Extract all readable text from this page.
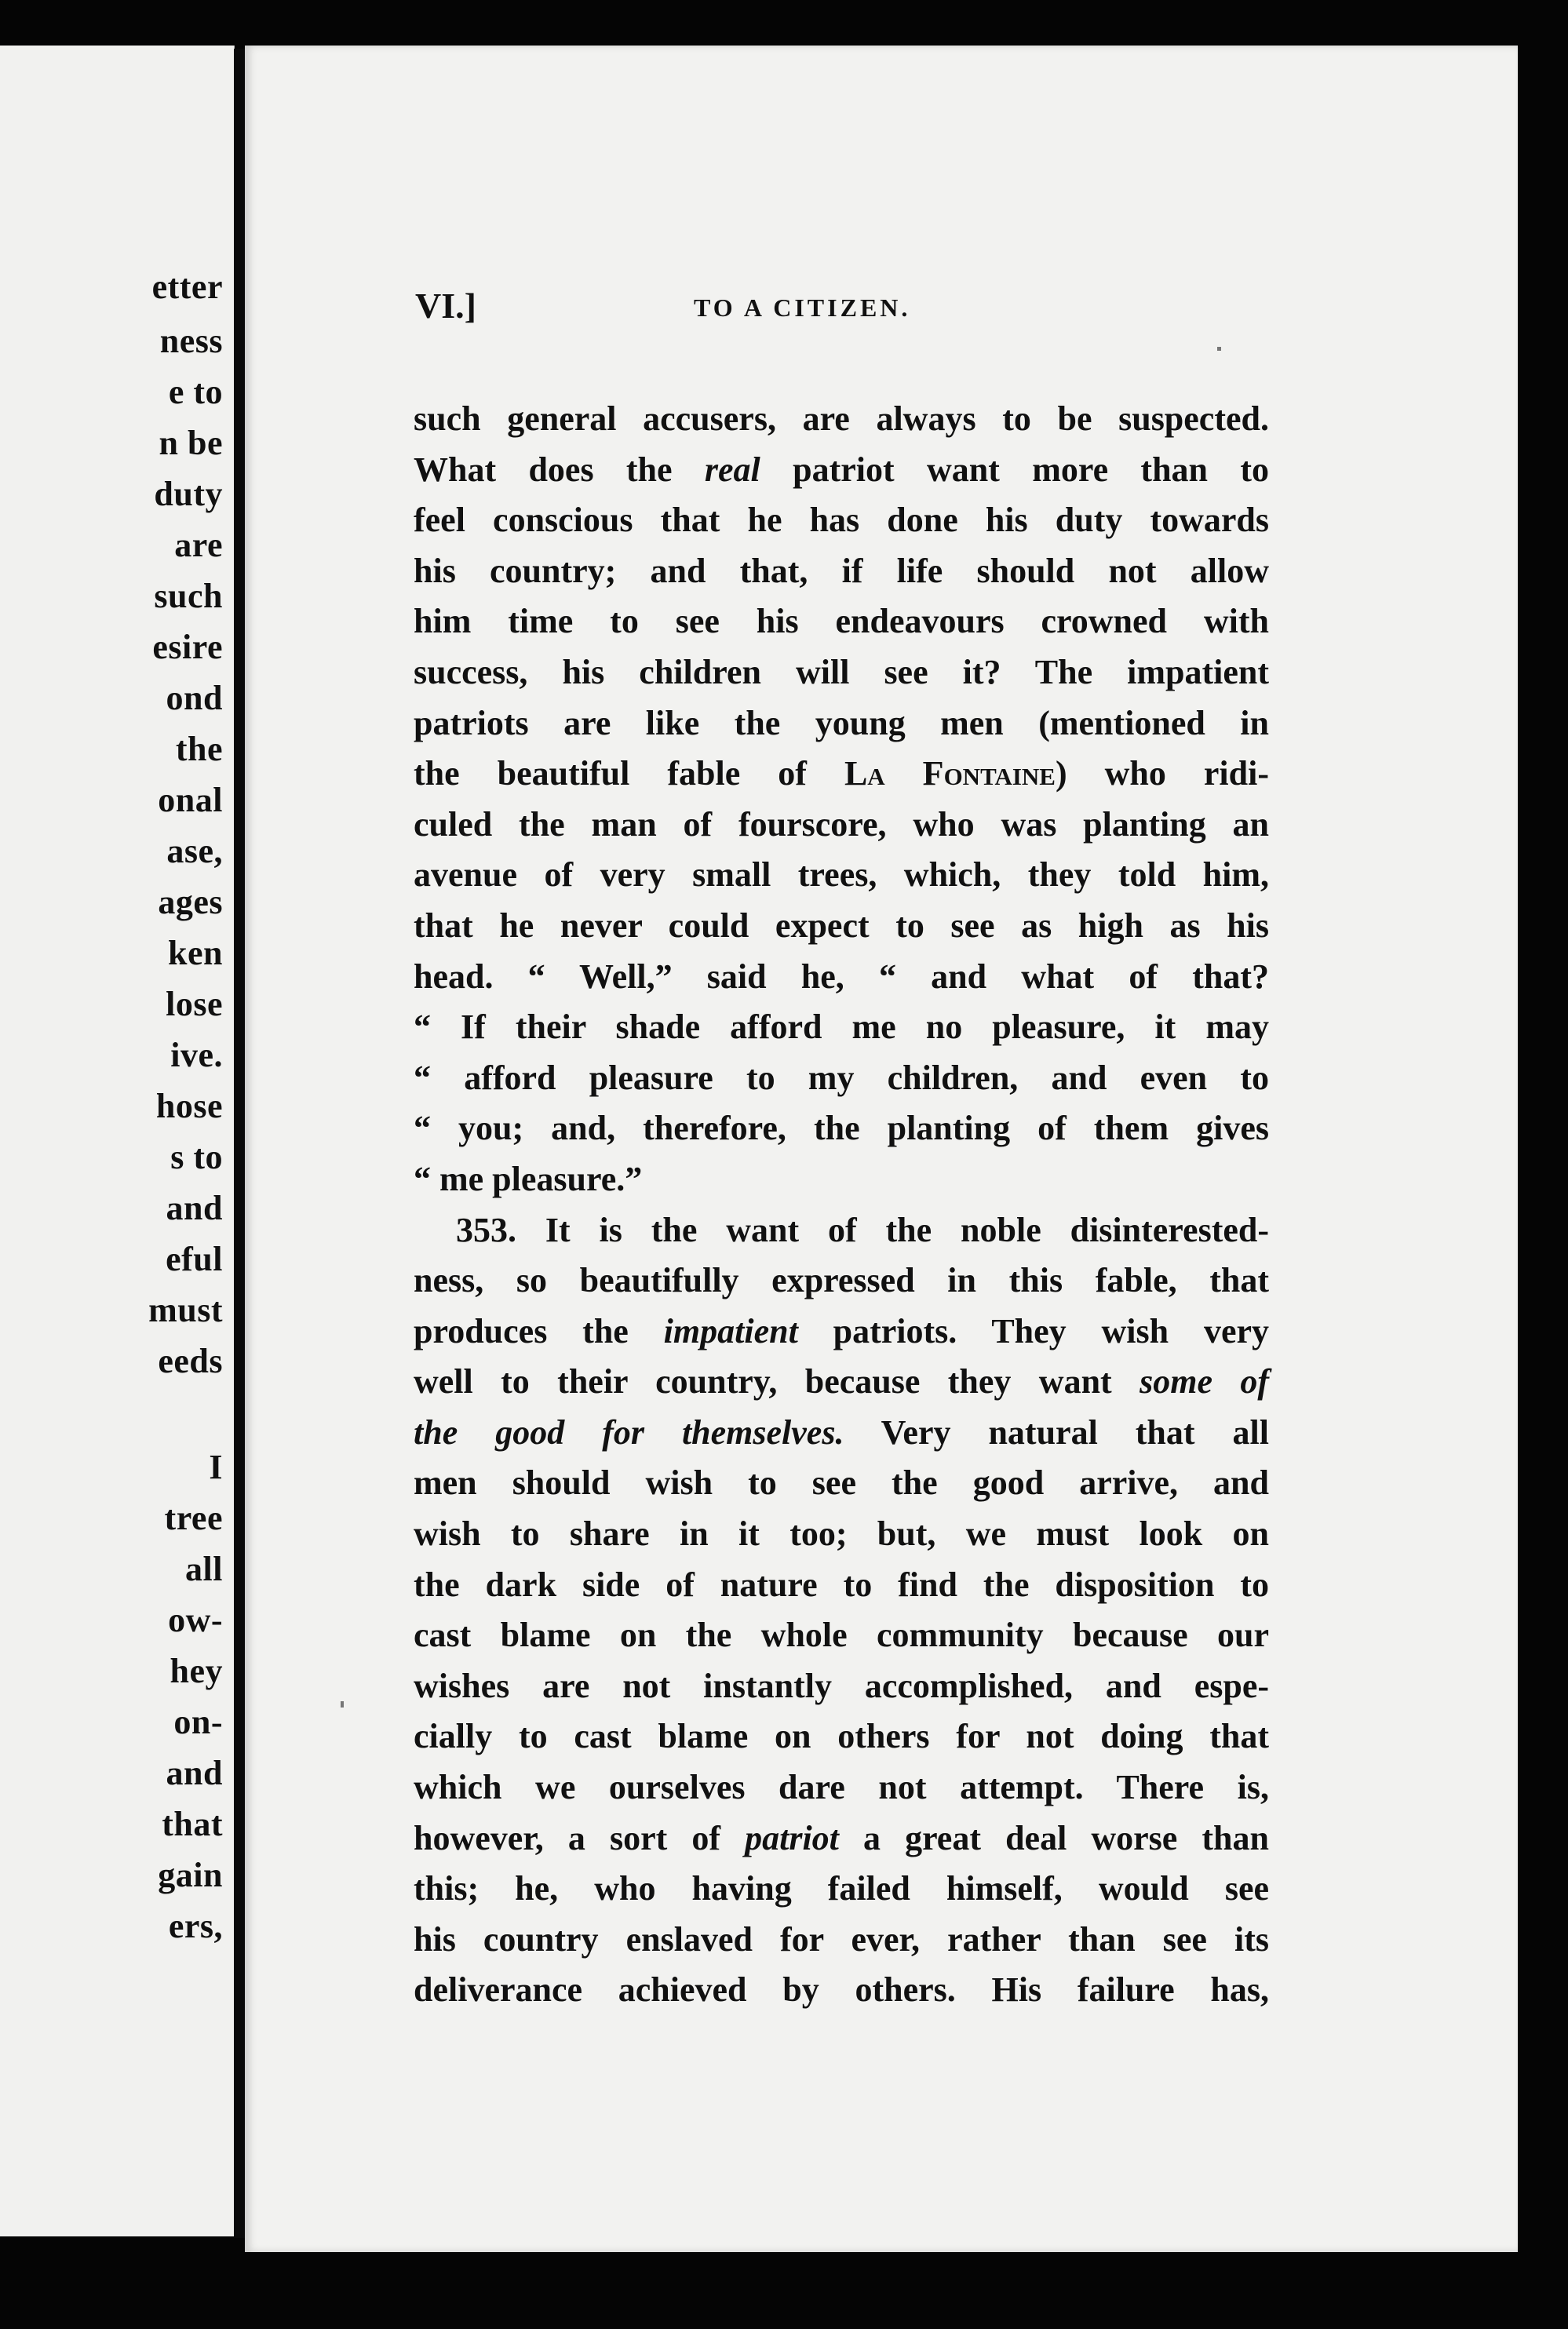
etter
ness
e to
n be
duty
are
such
esire
ond
the
onal
ase,
ages
ken
lose
ive.
hose
s to
and
eful
must
eeds
I
tree
all
ow-
hey
on-
and
that
gain
ers,
VI.]	TO A CITIZEN.
such general accusers, are always to be suspected.
What does the real patriot want more than to
feel conscious that he has done his duty towards
his country; and that, if life should not allow
him time to see his endeavours crowned with
success, his children will see it? The impatient
patriots are like the young men (mentioned in
the beautiful fable of La Fontaine) who ridi-
culed the man of fourscore, who was planting an
avenue of very small trees, which, they told him,
that he never could expect to see as high as his
head. “ Well,” said he, “ and what of that?
“ If their shade afford me no pleasure, it may
“ afford pleasure to my children, and even to
“ you; and, therefore, the planting of them gives
“ me pleasure.”
353. It is the want of the noble disinterested-
ness, so beautifully expressed in this fable, that
produces the impatient patriots. They wish very
well to their country, because they want some of
the good for themselves. Very natural that all
men should wish to see the good arrive, and
wish to share in it too; but, we must look on
the dark side of nature to find the disposition to
cast blame on the whole community because our
wishes are not instantly accomplished, and espe-
cially to cast blame on others for not doing that
which we ourselves dare not attempt. There is,
however, a sort of patriot a great deal worse than
this; he, who having failed himself, would see
his country enslaved for ever, rather than see its
deliverance achieved by others. His failure has,
